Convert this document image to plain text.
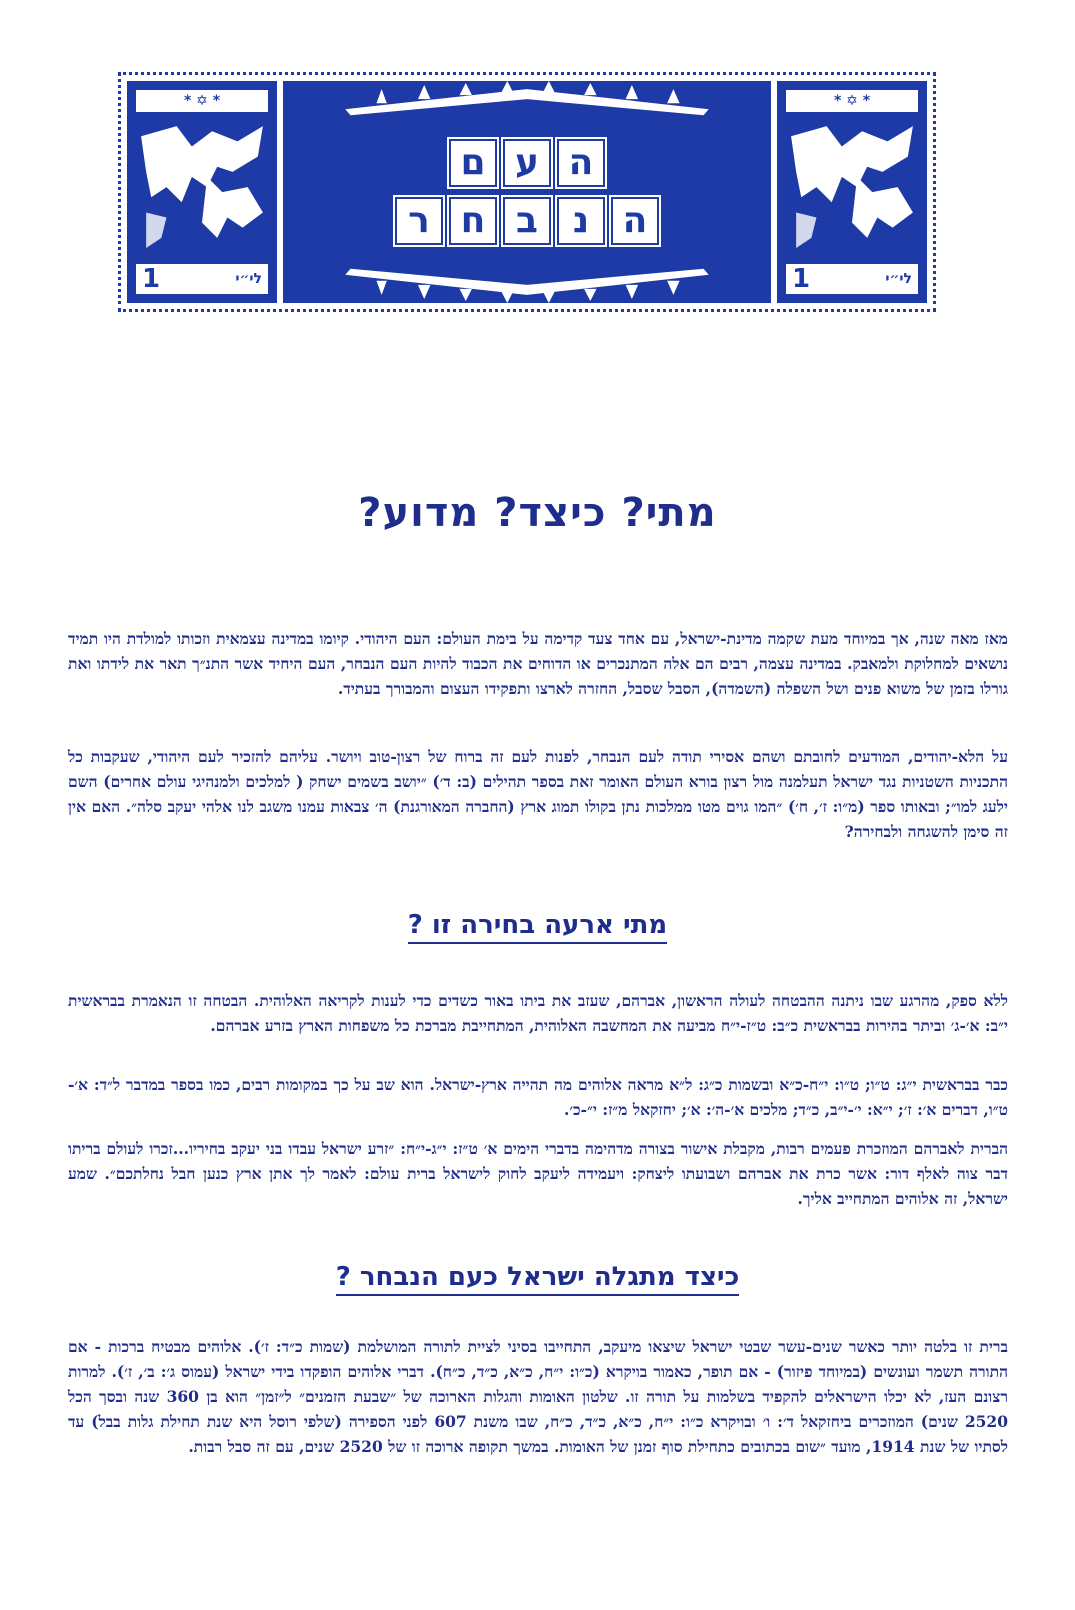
* ✡ *
1	לי״י
ה
ע
ם
ה
נ
ב
ח
ר
* ✡ *
1	לי״י
מתי? כיצד? מדוע?
מאז מאה שנה, אך במיוחד מעת שקמה מדינת-ישראל, עם אחד צעד קדימה על בימת העולם: העם היהודי. קיומו במדינה עצמאית וזכותו למולדת היו תמיד נושאים למחלוקת ולמאבק. במדינה עצמה, רבים הם אלה המתנכרים או הדוחים את הכבוד להיות העם הנבחר, העם היחיד אשר התנ״ך תאר את לידתו ואת גורלו בזמן של משוא פנים ושל השפלה (השמדה), הסבל שסבל, החזרה לארצו ותפקידו העצום והמבורך בעתיד.
על הלא-יהודים, המודעים לחובתם ושהם אסירי תודה לעם הנבחר, לפנות לעם זה ברוח של רצון-טוב ויושר. עליהם להזכיר לעם היהודי, שעקבות כל התכניות השטניות נגד ישראל תעלמנה מול רצון בורא העולם האומר זאת בספר תהילים (ב: ד׳) ״יושב בשמים ישחק ( למלכים ולמנהיגי עולם אחרים) השם ילעג למו״; ובאותו ספר (מ״ו: ז׳, ח׳) ״המו גוים מטו ממלכות נתן בקולו תמוג ארץ (החברה המאורגנת) ה׳ צבאות עמנו משגב לנו אלהי יעקב סלה״. האם אין זה סימן להשגחה ולבחירה?
מתי ארעה בחירה זו ?
ללא ספק, מהרגע שבו ניתנה ההבטחה לעולה הראשון, אברהם, שעזב את ביתו באור כשדים כדי לענות לקריאה האלוהית. הבטחה זו הנאמרת בבראשית י״ב: א׳-ג׳ וביתר בהירות בבראשית כ״ב: ט״ז-י״ח מביעה את המחשבה האלוהית, המתחייבת מברכת כל משפחות הארץ בזרע אברהם.
כבר בבראשית י״ג: ט״ו; ט״ו: י״ח-כ״א ובשמות כ״ג: ל״א מראה אלוהים מה תהייה ארץ-ישראל. הוא שב על כך במקומות רבים, כמו בספר במדבר ל״ד: א׳-ט״ו, דברים א׳: ז׳; י״א: י׳-י״ב, כ״ד; מלכים א׳-ה׳: א׳; יחזקאל מ״ז: י״-כ׳.
הברית לאברהם המוזכרת פעמים רבות, מקבלת אישור בצורה מדהימה בדברי הימים א׳ ט״ז: י״ג-י״ח: ״זרע ישראל עבדו בני יעקב בחיריו...זכרו לעולם בריתו דבר צוה לאלף דור: אשר כרת את אברהם ושבועתו ליצחק: ויעמידה ליעקב לחוק לישראל ברית עולם: לאמר לך אתן ארץ כנען חבל נחלתכם״. שמע ישראל, זה אלוהים המתחייב אליך.
כיצד מתגלה ישראל כעם הנבחר ?
ברית זו בלטה יותר כאשר שנים-עשר שבטי ישראל שיצאו מיעקב, התחייבו בסיני לציית לתורה המושלמת (שמות כ״ד: ז׳). אלוהים מבטיח ברכות - אם התורה תשמר ועונשים (במיוחד פיזור) - אם תופר, כאמור בויקרא (כ״ו: י״ח, כ״א, כ״ד, כ״ח). דברי אלוהים הופקדו בידי ישראל (עמוס ג׳: ב׳, ז׳). למרות רצונם העז, לא יכלו הישראלים להקפיד בשלמות על תורה זו. שלטון האומות והגלות הארוכה של ״שבעת הזמנים״ ל״זמן״ הוא בן 360 שנה ובסך הכל 2520 שנים) המוזכרים ביחזקאל ד׳: ו׳ ובויקרא כ״ו: י״ח, כ״א, כ״ד, כ״ח, שבו משנת 607 לפני הספירה (שלפי רוסל היא שנת תחילת גלות בבל) עד לסתיו של שנת 1914, מועד ״שום בכתובים כתחילת סוף זמנן של האומות. במשך תקופה ארוכה זו של 2520 שנים, עם זה סבל רבות.
